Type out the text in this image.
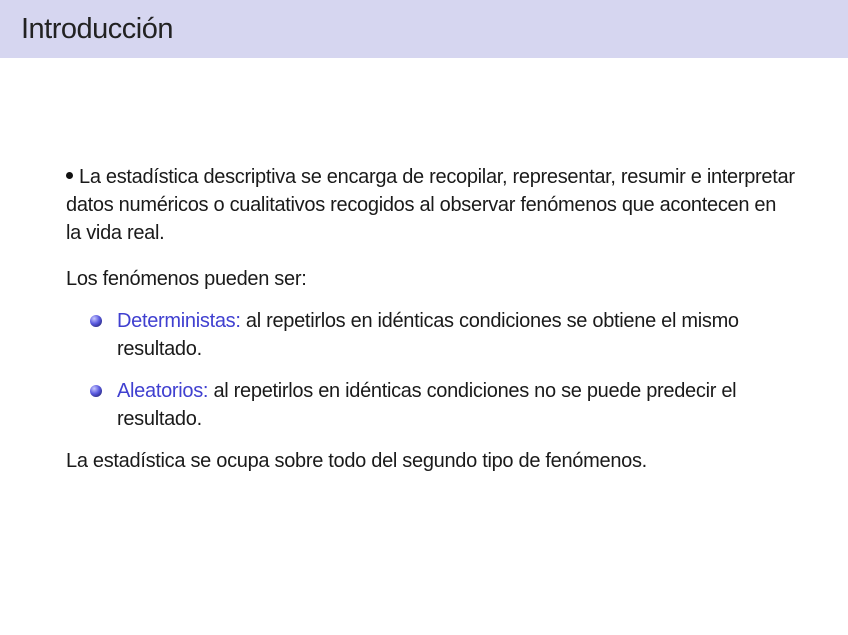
Introducción

La estadística descriptiva se encarga de recopilar, representar, resumir e interpretar datos numéricos o cualitativos recogidos al observar fenómenos que acontecen en la vida real.

Los fenómenos pueden ser:

Deterministas: al repetirlos en idénticas condiciones se obtiene el mismo resultado.
Aleatorios: al repetirlos en idénticas condiciones no se puede predecir el resultado.

La estadística se ocupa sobre todo del segundo tipo de fenómenos.
